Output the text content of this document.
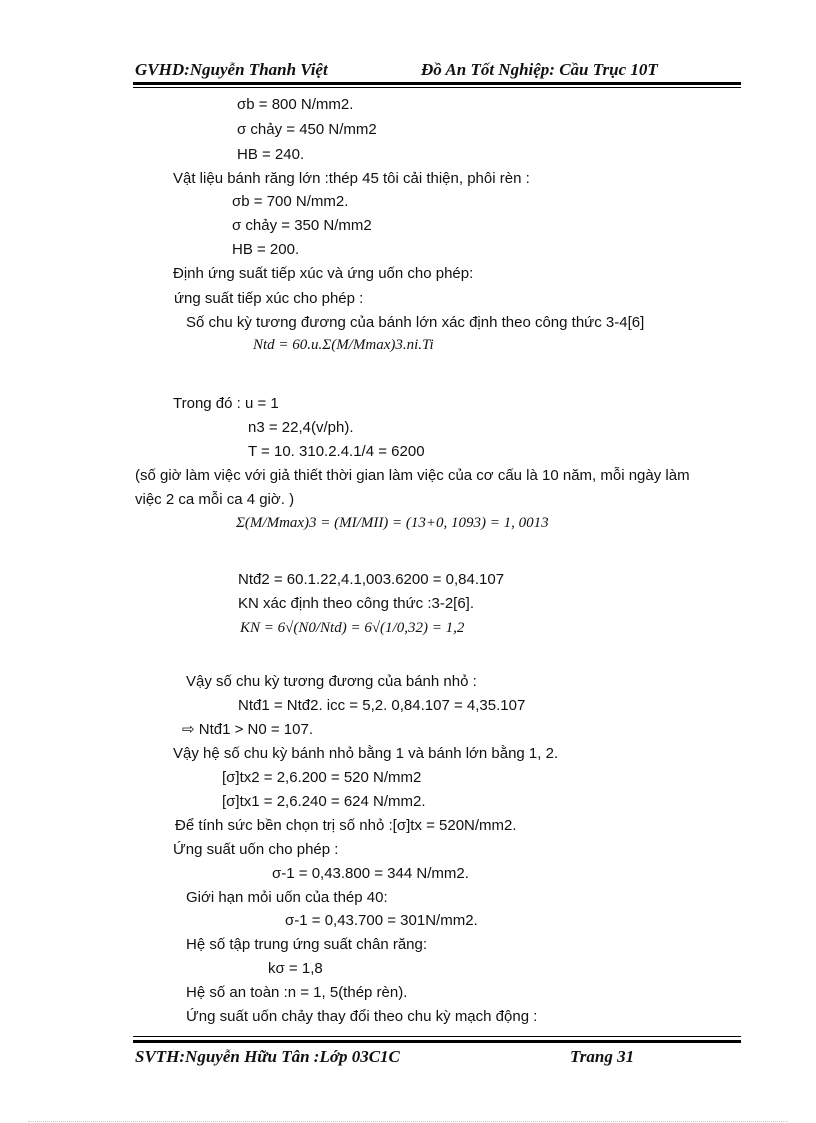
GVHD:Nguyễn Thanh Việt	Đồ An Tốt Nghiệp: Cầu Trục 10T
σb = 800 N/mm2.
σ chảy = 450 N/mm2
HB = 240.
Vật liệu bánh răng lớn :thép 45 tôi cải thiện, phôi rèn :
σb = 700 N/mm2.
σ chảy = 350 N/mm2
HB = 200.
Định ứng suất tiếp xúc và ứng uốn cho phép:
ứng suất tiếp xúc cho phép :
Số chu kỳ tương đương của bánh lớn xác định theo công thức 3-4[6]
Ntd = 60.u.Σ(M/Mmax)3.ni.Ti
Trong đó : u = 1
n3 = 22,4(v/ph).
T = 10. 310.2.4.1/4 = 6200
(số giờ làm việc với giả thiết thời gian làm việc của cơ cấu là 10 năm, mỗi ngày làm
việc 2 ca mỗi ca 4 giờ. )
Σ(M/Mmax)3 = (MI/MII) = (13+0, 1093) = 1, 0013
Ntđ2 = 60.1.22,4.1,003.6200 = 0,84.107
KN xác định theo công thức :3-2[6].
KN = 6√(N0/Ntd) = 6√(1/0,32) = 1,2
Vậy số chu kỳ tương đương của bánh nhỏ :
Ntđ1 = Ntđ2. icc = 5,2. 0,84.107 = 4,35.107
⇨ Ntđ1 > N0 = 107.
Vậy hệ số chu kỳ bánh nhỏ bằng 1 và bánh lớn bằng 1, 2.
[σ]tx2 = 2,6.200 = 520 N/mm2
[σ]tx1 = 2,6.240 = 624 N/mm2.
Để tính sức bền chọn trị số nhỏ :[σ]tx = 520N/mm2.
Ứng suất uốn cho phép :
σ-1 = 0,43.800 = 344 N/mm2.
Giới hạn mỏi uốn của thép 40:
σ-1 = 0,43.700 = 301N/mm2.
Hệ số tập trung ứng suất chân răng:
kσ = 1,8
Hệ số an toàn :n = 1, 5(thép rèn).
Ứng suất uốn chảy thay đổi theo chu kỳ mạch động :
SVTH:Nguyễn Hữu Tân :Lớp 03C1C	Trang 31
